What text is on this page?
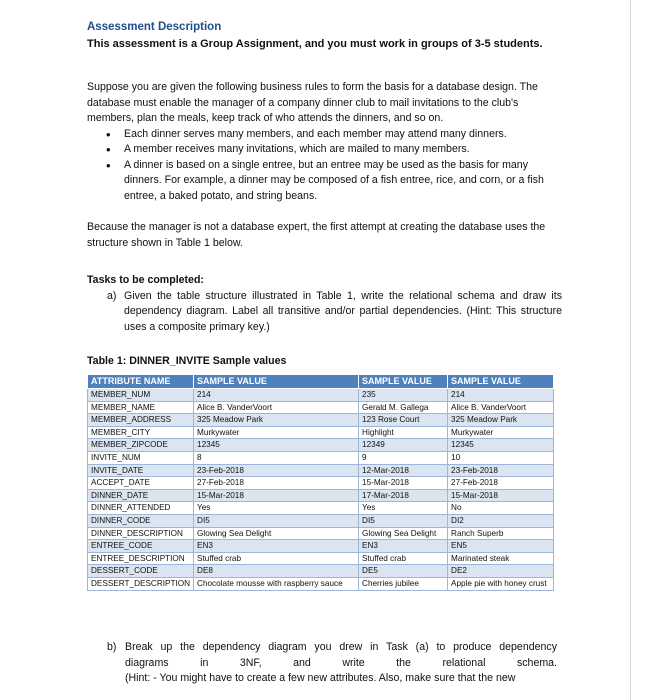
Assessment Description
This assessment is a Group Assignment, and you must work in groups of 3-5 students.

Suppose you are given the following business rules to form the basis for a database design. The database must enable the manager of a company dinner club to mail invitations to the club's members, plan the meals, keep track of who attends the dinners, and so on.

• Each dinner serves many members, and each member may attend many dinners.
• A member receives many invitations, which are mailed to many members.
• A dinner is based on a single entree, but an entree may be used as the basis for many dinners. For example, a dinner may be composed of a fish entree, rice, and corn, or a fish entree, a baked potato, and string beans.

Because the manager is not a database expert, the first attempt at creating the database uses the structure shown in Table 1 below.

Tasks to be completed:
a) Given the table structure illustrated in Table 1, write the relational schema and draw its dependency diagram. Label all transitive and/or partial dependencies. (Hint: This structure uses a composite primary key.)
Table 1: DINNER_INVITE Sample values
ATTRIBUTE NAME	SAMPLE VALUE	SAMPLE VALUE	SAMPLE VALUE
MEMBER_NUM	214	235	214
MEMBER_NAME	Alice B. VanderVoort	Gerald M. Gallega	Alice B. VanderVoort
MEMBER_ADDRESS	325 Meadow Park	123 Rose Court	325 Meadow Park
MEMBER_CITY	Murkywater	Highlight	Murkywater
MEMBER_ZIPCODE	12345	12349	12345
INVITE_NUM	8	9	10
INVITE_DATE	23-Feb-2018	12-Mar-2018	23-Feb-2018
ACCEPT_DATE	27-Feb-2018	15-Mar-2018	27-Feb-2018
DINNER_DATE	15-Mar-2018	17-Mar-2018	15-Mar-2018
DINNER_ATTENDED	Yes	Yes	No
DINNER_CODE	DI5	DI5	DI2
DINNER_DESCRIPTION	Glowing Sea Delight	Glowing Sea Delight	Ranch Superb
ENTREE_CODE	EN3	EN3	EN5
ENTREE_DESCRIPTION	Stuffed crab	Stuffed crab	Marinated steak
DESSERT_CODE	DE8	DE5	DE2
DESSERT_DESCRIPTION	Chocolate mousse with raspberry sauce	Cherries jubilee	Apple pie with honey crust
b) Break up the dependency diagram you drew in Task (a) to produce dependency
diagrams in 3NF, and write the relational schema.
(Hint: - You might have to create a few new attributes. Also, make sure that the new
